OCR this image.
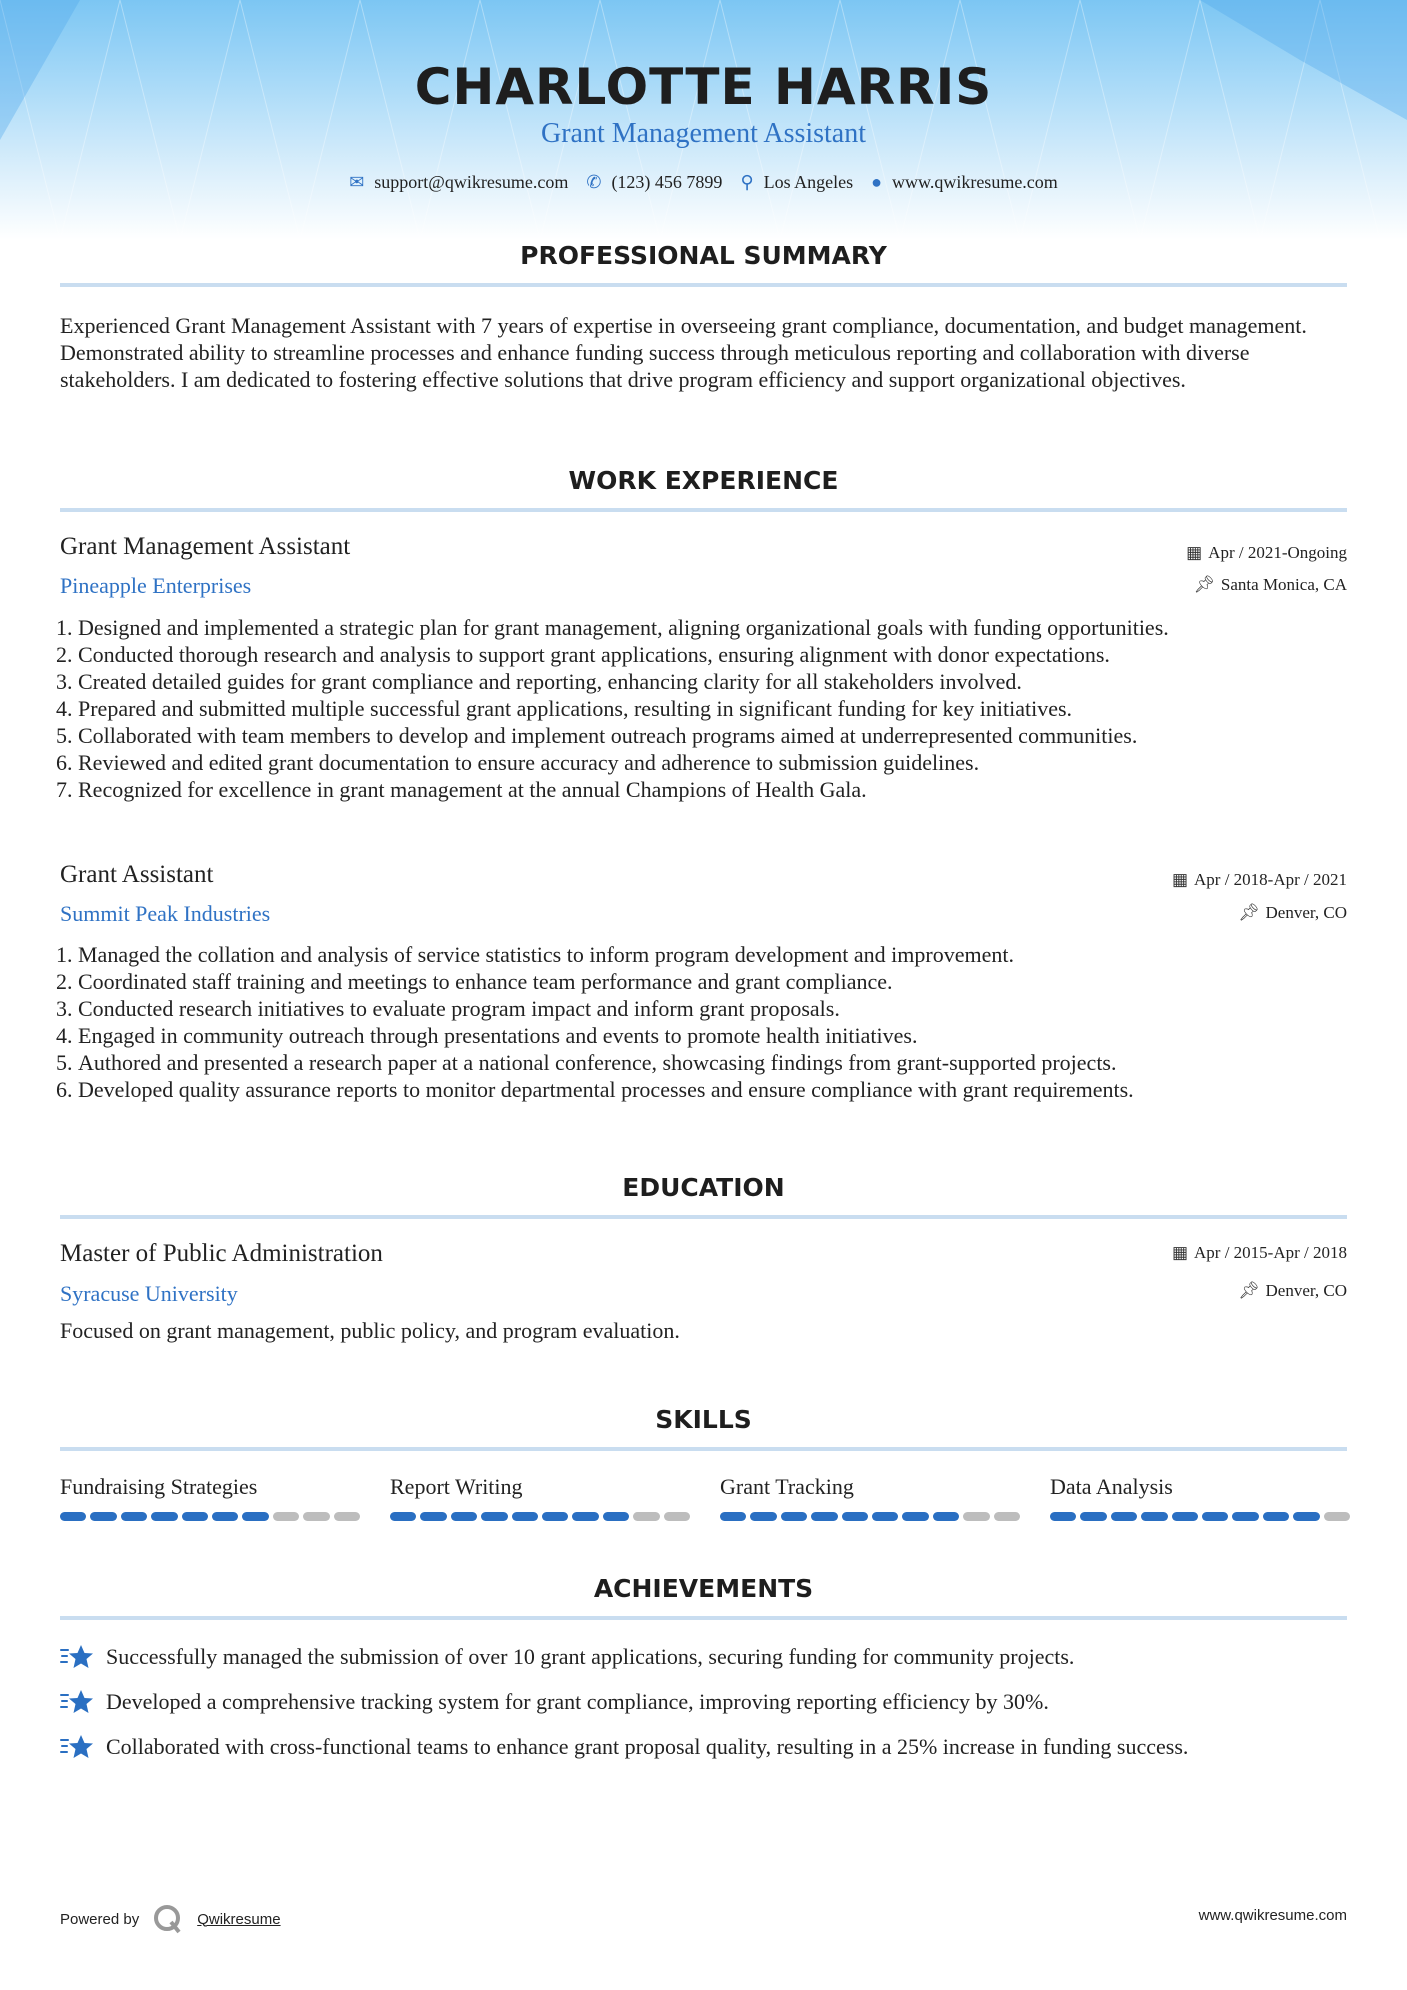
CHARLOTTE HARRIS
Grant Management Assistant
✉ support@qwikresume.com ✆ (123) 456 7899 ⚲ Los Angeles ● www.qwikresume.com
PROFESSIONAL SUMMARY
Experienced Grant Management Assistant with 7 years of expertise in overseeing grant compliance, documentation, and budget management. Demonstrated ability to streamline processes and enhance funding success through meticulous reporting and collaboration with diverse stakeholders. I am dedicated to fostering effective solutions that drive program efficiency and support organizational objectives.
WORK EXPERIENCE
Grant Management Assistant
Pineapple Enterprises
▦ Apr / 2021-Ongoing
📌︎ Santa Monica, CA
1. Designed and implemented a strategic plan for grant management, aligning organizational goals with funding opportunities.
2. Conducted thorough research and analysis to support grant applications, ensuring alignment with donor expectations.
3. Created detailed guides for grant compliance and reporting, enhancing clarity for all stakeholders involved.
4. Prepared and submitted multiple successful grant applications, resulting in significant funding for key initiatives.
5. Collaborated with team members to develop and implement outreach programs aimed at underrepresented communities.
6. Reviewed and edited grant documentation to ensure accuracy and adherence to submission guidelines.
7. Recognized for excellence in grant management at the annual Champions of Health Gala.
Grant Assistant
Summit Peak Industries
▦ Apr / 2018-Apr / 2021
📌︎ Denver, CO
1. Managed the collation and analysis of service statistics to inform program development and improvement.
2. Coordinated staff training and meetings to enhance team performance and grant compliance.
3. Conducted research initiatives to evaluate program impact and inform grant proposals.
4. Engaged in community outreach through presentations and events to promote health initiatives.
5. Authored and presented a research paper at a national conference, showcasing findings from grant-supported projects.
6. Developed quality assurance reports to monitor departmental processes and ensure compliance with grant requirements.
EDUCATION
Master of Public Administration
Syracuse University
▦ Apr / 2015-Apr / 2018
📌︎ Denver, CO
Focused on grant management, public policy, and program evaluation.
SKILLS
Fundraising Strategies	Report Writing	Grant Tracking	Data Analysis
ACHIEVEMENTS
Successfully managed the submission of over 10 grant applications, securing funding for community projects.
Developed a comprehensive tracking system for grant compliance, improving reporting efficiency by 30%.
Collaborated with cross-functional teams to enhance grant proposal quality, resulting in a 25% increase in funding success.
Powered by	Qwikresume	www.qwikresume.com
